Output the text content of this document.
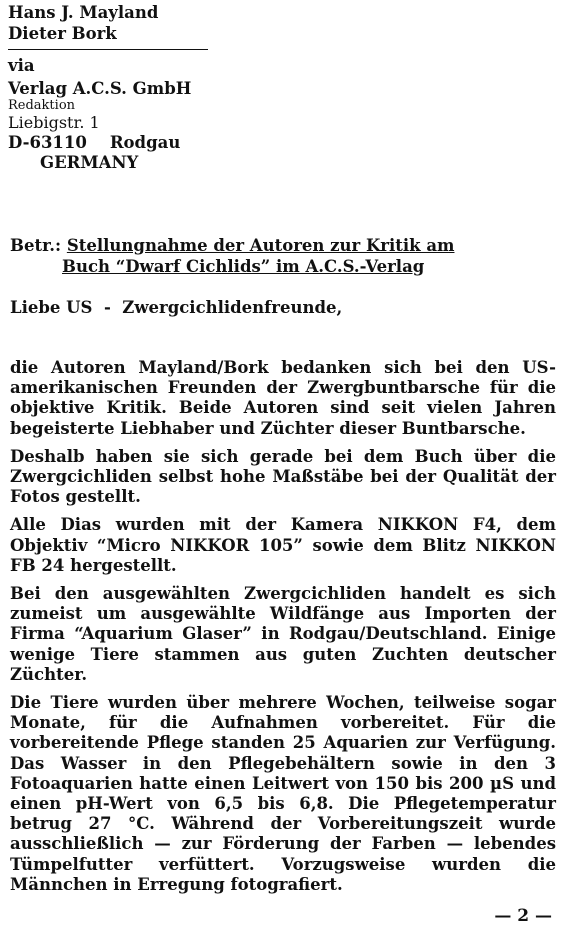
Hans J. Mayland
Dieter Bork
via
Verlag A.C.S. GmbH
Redaktion
Liebigstr. 1
D-63110    Rodgau
GERMANY
Betr.: Stellungnahme der Autoren zur Kritik am
Buch “Dwarf Cichlids” im A.C.S.-Verlag
Liebe US  -  Zwergcichlidenfreunde,

die Autoren Mayland/Bork bedanken sich bei den US-amerikanischen Freunden der Zwergbuntbarsche für die objektive Kritik. Beide Autoren sind seit vielen Jahren begeisterte Liebhaber und Züchter dieser Buntbarsche.

Deshalb haben sie sich gerade bei dem Buch über die Zwergcichliden selbst hohe Maßstäbe bei der Qualität der Fotos gestellt.

Alle Dias wurden mit der Kamera NIKKON F4, dem Objektiv “Micro NIKKOR 105” sowie dem Blitz NIKKON FB 24 hergestellt.

Bei den ausgewählten Zwergcichliden handelt es sich zumeist um ausgewählte Wildfänge aus Importen der Firma “Aquarium Glaser” in Rodgau/Deutschland. Einige wenige Tiere stammen aus guten Zuchten deutscher Züchter.

Die Tiere wurden über mehrere Wochen, teilweise sogar Monate, für die Aufnahmen vorbereitet. Für die vorbereitende Pflege standen 25 Aquarien zur Verfügung. Das Wasser in den Pflegebehältern sowie in den 3 Fotoaquarien hatte einen Leitwert von 150 bis 200 µS und einen pH-Wert von 6,5 bis 6,8. Die Pflegetemperatur betrug 27 °C. Während der Vorbereitungszeit wurde ausschließlich — zur Förderung der Farben — lebendes Tümpelfutter verfüttert. Vorzugsweise wurden die Männchen in Erregung fotografiert.

— 2 —
